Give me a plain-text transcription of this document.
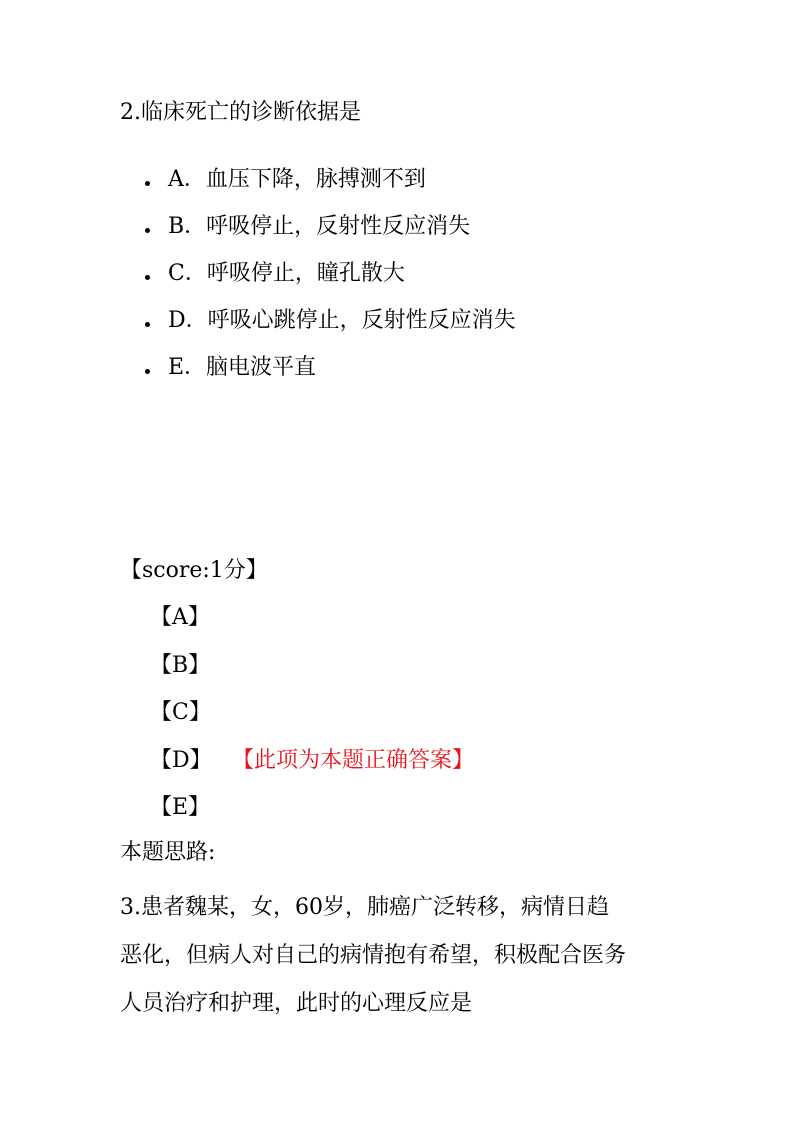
2.临床死亡的诊断依据是
A．血压下降，脉搏测不到
B．呼吸停止，反射性反应消失
C．呼吸停止，瞳孔散大
D．呼吸心跳停止，反射性反应消失
E．脑电波平直
【score:1分】
【A】
【B】
【C】
【D】 【此项为本题正确答案】
【E】
本题思路:
3.患者魏某，女，60岁，肺癌广泛转移，病情日趋
恶化，但病人对自己的病情抱有希望，积极配合医务
人员治疗和护理，此时的心理反应是
